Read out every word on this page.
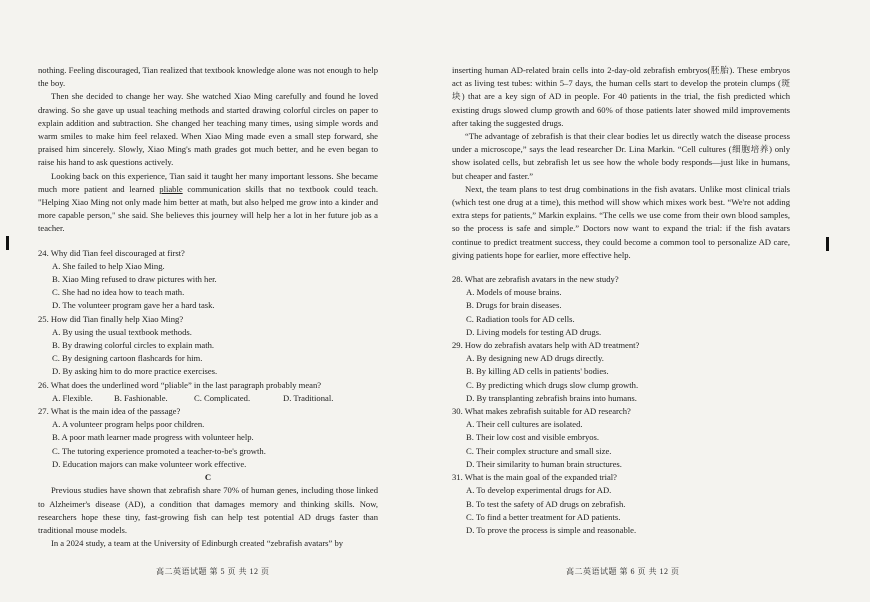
nothing. Feeling discouraged, Tian realized that textbook knowledge alone was not enough to help the boy.

Then she decided to change her way. She watched Xiao Ming carefully and found he loved drawing. So she gave up usual teaching methods and started drawing colorful circles on paper to explain addition and subtraction. She changed her teaching many times, using simple words and warm smiles to make him feel relaxed. When Xiao Ming made even a small step forward, she praised him sincerely. Slowly, Xiao Ming's math grades got much better, and he even began to raise his hand to ask questions actively.

Looking back on this experience, Tian said it taught her many important lessons. She became much more patient and learned pliable communication skills that no textbook could teach. "Helping Xiao Ming not only made him better at math, but also helped me grow into a kinder and more capable person," she said. She believes this journey will help her a lot in her future job as a teacher.

24. Why did Tian feel discouraged at first?

A. She failed to help Xiao Ming.

B. Xiao Ming refused to draw pictures with her.

C. She had no idea how to teach math.

D. The volunteer program gave her a hard task.

25. How did Tian finally help Xiao Ming?

A. By using the usual textbook methods.

B. By drawing colorful circles to explain math.

C. By designing cartoon flashcards for him.

D. By asking him to do more practice exercises.

26. What does the underlined word “pliable” in the last paragraph probably mean?

A. Flexible.	B. Fashionable.	C. Complicated.	D. Traditional.

27. What is the main idea of the passage?

A. A volunteer program helps poor children.

B. A poor math learner made progress with volunteer help.

C. The tutoring experience promoted a teacher-to-be's growth.

D. Education majors can make volunteer work effective.

C

Previous studies have shown that zebrafish share 70% of human genes, including those linked to Alzheimer's disease (AD), a condition that damages memory and thinking skills. Now, researchers hope these tiny, fast-growing fish can help test potential AD drugs faster than traditional mouse models.

In a 2024 study, a team at the University of Edinburgh created “zebrafish avatars” by

高二英语试题 第 5 页 共 12 页

inserting human AD-related brain cells into 2-day-old zebrafish embryos(胚胎). These embryos act as living test tubes: within 5–7 days, the human cells start to develop the protein clumps (斑块) that are a key sign of AD in people. For 40 patients in the trial, the fish predicted which existing drugs slowed clump growth and 60% of those patients later showed mild improvements after taking the suggested drugs.

“The advantage of zebrafish is that their clear bodies let us directly watch the disease process under a microscope,” says the lead researcher Dr. Lina Markin. “Cell cultures (细胞培养) only show isolated cells, but zebrafish let us see how the whole body responds—just like in humans, but cheaper and faster.”

Next, the team plans to test drug combinations in the fish avatars. Unlike most clinical trials (which test one drug at a time), this method will show which mixes work best. “We're not adding extra steps for patients,” Markin explains. “The cells we use come from their own blood samples, so the process is safe and simple.” Doctors now want to expand the trial: if the fish avatars continue to predict treatment success, they could become a common tool to personalize AD care, giving patients hope for earlier, more effective help.

28. What are zebrafish avatars in the new study?

A. Models of mouse brains.

B. Drugs for brain diseases.

C. Radiation tools for AD cells.

D. Living models for testing AD drugs.

29. How do zebrafish avatars help with AD treatment?

A. By designing new AD drugs directly.

B. By killing AD cells in patients' bodies.

C. By predicting which drugs slow clump growth.

D. By transplanting zebrafish brains into humans.

30. What makes zebrafish suitable for AD research?

A. Their cell cultures are isolated.

B. Their low cost and visible embryos.

C. Their complex structure and small size.

D. Their similarity to human brain structures.

31. What is the main goal of the expanded trial?

A. To develop experimental drugs for AD.

B. To test the safety of AD drugs on zebrafish.

C. To find a better treatment for AD patients.

D. To prove the process is simple and reasonable.

高二英语试题 第 6 页 共 12 页
